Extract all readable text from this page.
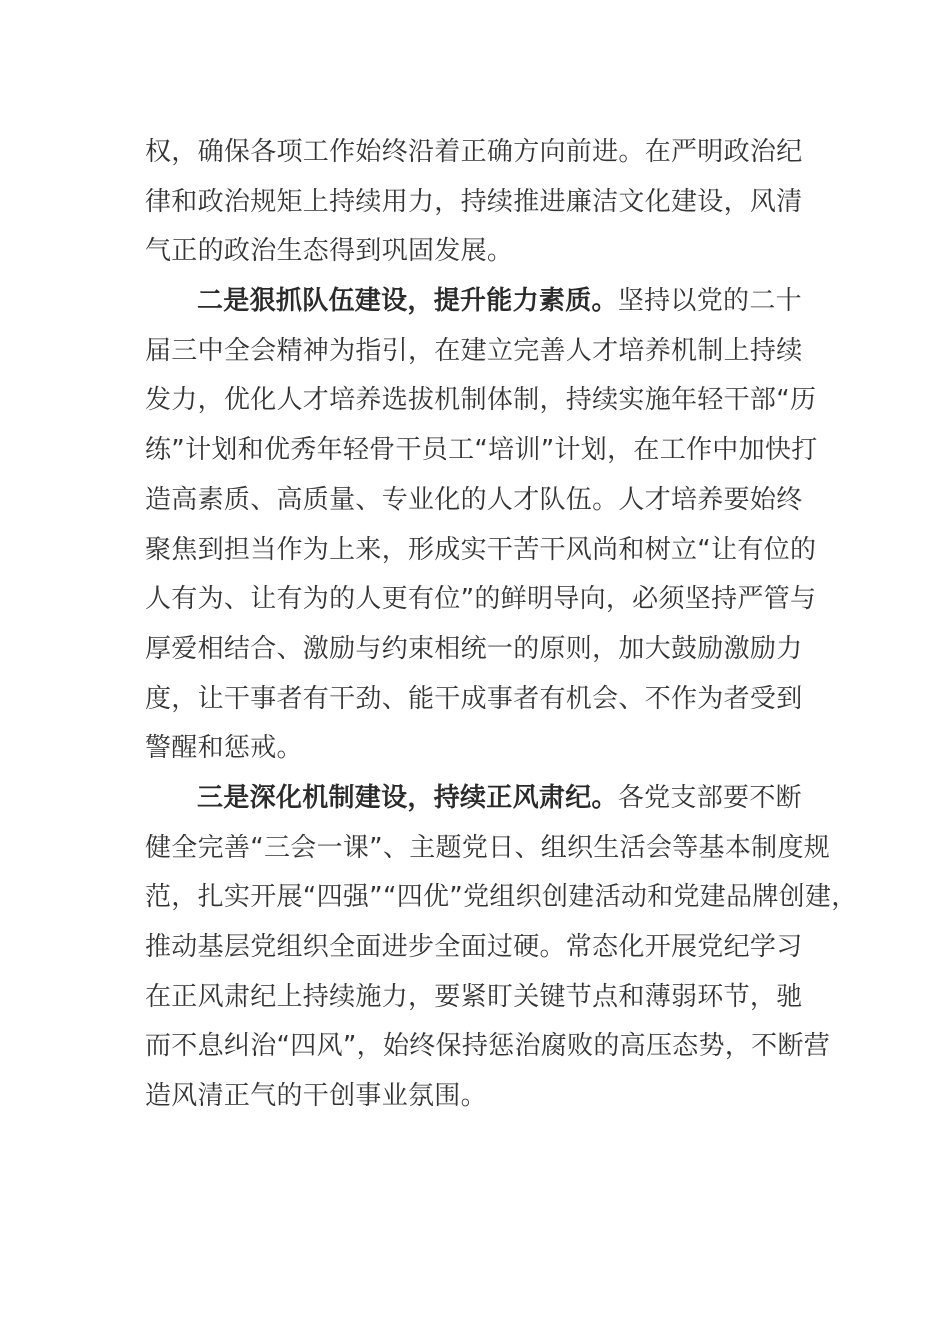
权，确保各项工作始终沿着正确方向前进。在严明政治纪
律和政治规矩上持续用力，持续推进廉洁文化建设，风清
气正的政治生态得到巩固发展。
二是狠抓队伍建设，提升能力素质。坚持以党的二十
届三中全会精神为指引，在建立完善人才培养机制上持续
发力，优化人才培养选拔机制体制，持续实施年轻干部“历
练”计划和优秀年轻骨干员工“培训”计划，在工作中加快打
造高素质、高质量、专业化的人才队伍。人才培养要始终
聚焦到担当作为上来，形成实干苦干风尚和树立“让有位的
人有为、让有为的人更有位”的鲜明导向，必须坚持严管与
厚爱相结合、激励与约束相统一的原则，加大鼓励激励力
度，让干事者有干劲、能干成事者有机会、不作为者受到
警醒和惩戒。
三是深化机制建设，持续正风肃纪。各党支部要不断
健全完善“三会一课”、主题党日、组织生活会等基本制度规
范，扎实开展“四强”“四优”党组织创建活动和党建品牌创建，
推动基层党组织全面进步全面过硬。常态化开展党纪学习
在正风肃纪上持续施力，要紧盯关键节点和薄弱环节，驰
而不息纠治“四风”，始终保持惩治腐败的高压态势，不断营
造风清正气的干创事业氛围。
